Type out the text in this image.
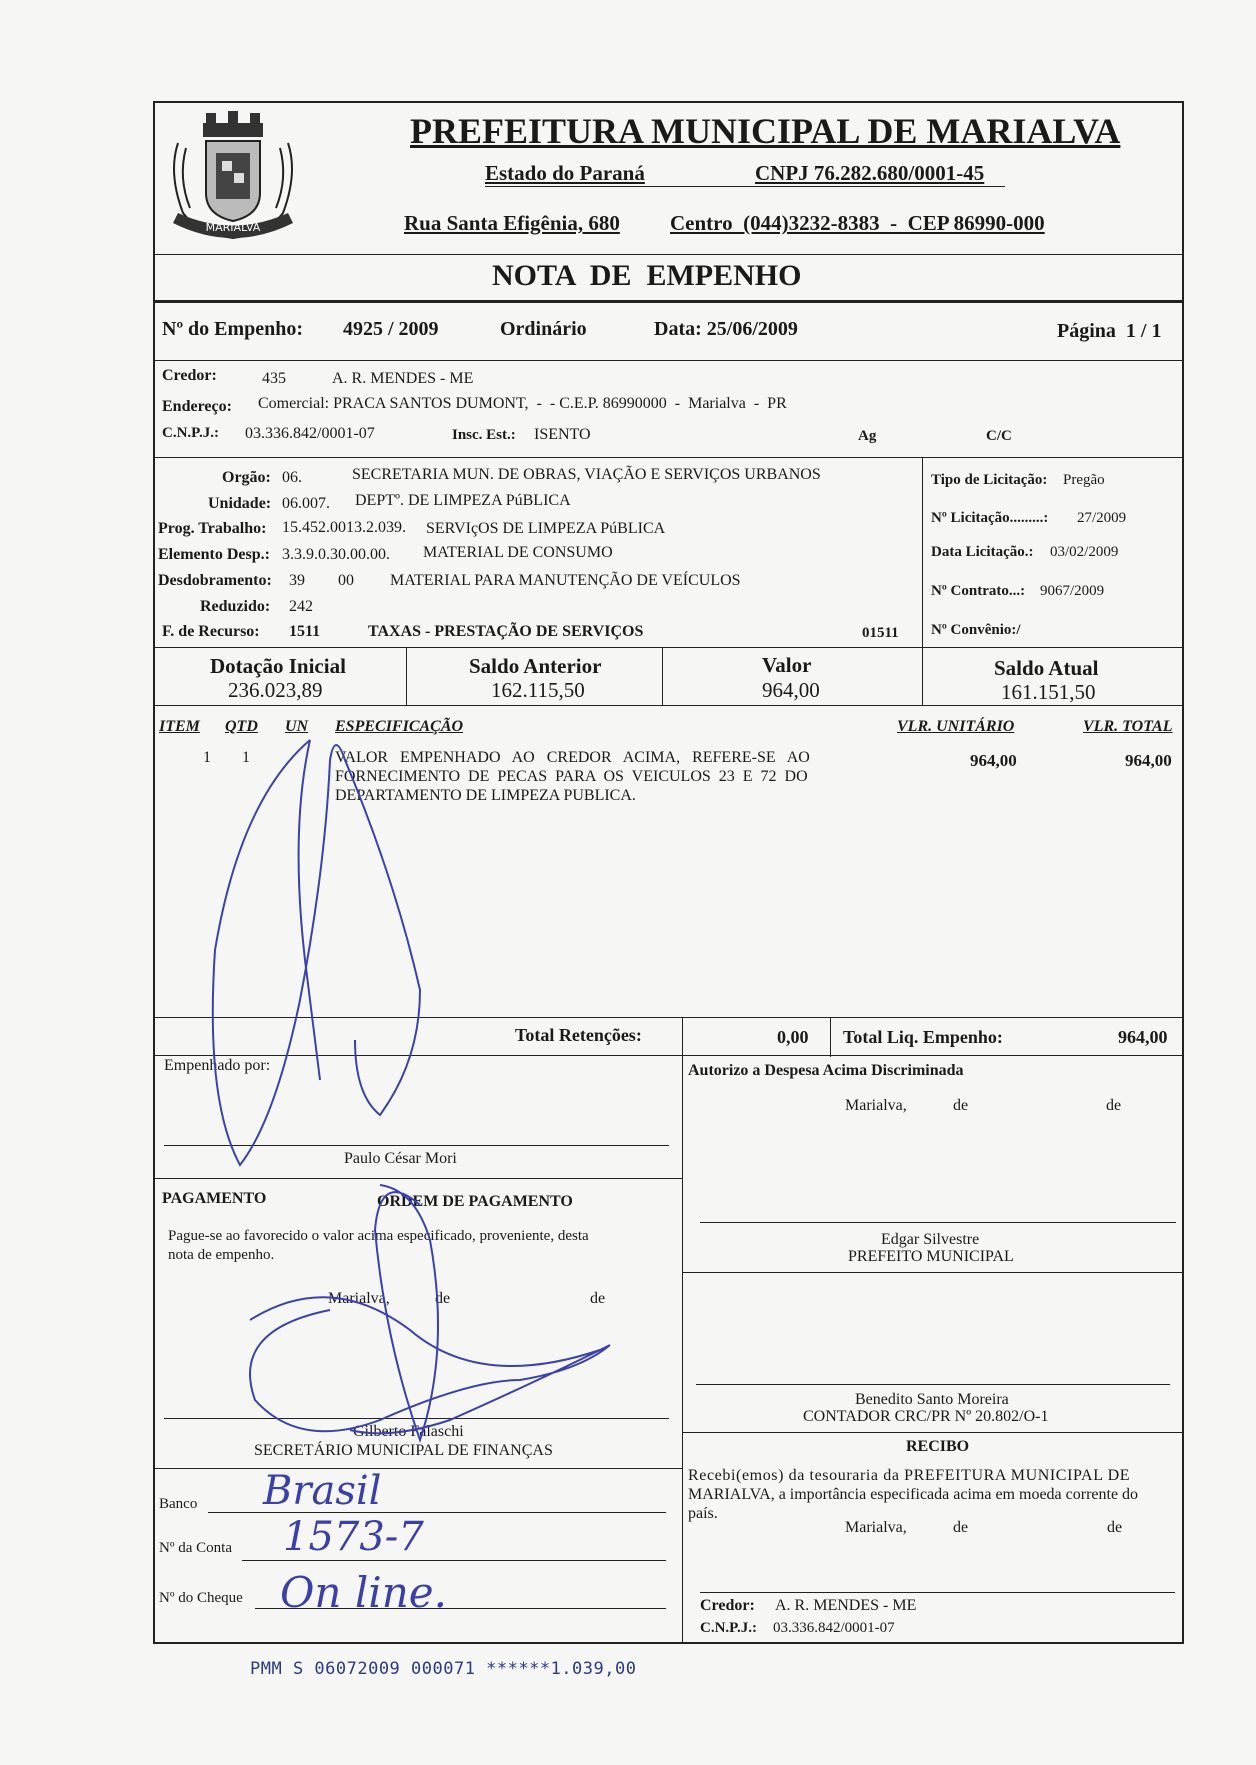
MARIALVA
PREFEITURA MUNICIPAL DE MARIALVA
Estado do Paraná	CNPJ 76.282.680/0001-45
Rua Santa Efigênia, 680 Centro  (044)3232-8383  -  CEP 86990-000
NOTA  DE  EMPENHO
Nº do Empenho: 4925 / 2009	Ordinário	Data: 25/06/2009	Página  1 / 1
Credor:	435	A. R. MENDES - ME
Endereço: Comercial: PRACA SANTOS DUMONT,  -  - C.E.P. 86990000  -  Marialva  -  PR
C.N.P.J.: 03.336.842/0001-07	Insc. Est.: ISENTO	Ag	C/C
Orgão: 06.	SECRETARIA MUN. DE OBRAS, VIAÇÃO E SERVIÇOS URBANOS
Unidade: 06.007. DEPTº. DE LIMPEZA PúBLICA
Prog. Trabalho: 15.452.0013.2.039. SERVIçOS DE LIMPEZA PúBLICA
Elemento Desp.: 3.3.9.0.30.00.00. MATERIAL DE CONSUMO
Desdobramento: 39 00 MATERIAL PARA MANUTENÇÃO DE VEÍCULOS
Reduzido: 242
F. de Recurso: 1511	TAXAS - PRESTAÇÃO DE SERVIÇOS	01511
Tipo de Licitação: Pregão
Nº Licitação.........: 27/2009
Data Licitação.: 03/02/2009
Nº Contrato...: 9067/2009
Nº Convênio:/
Dotação Inicial
236.023,89
Saldo Anterior
162.115,50
Valor
964,00
Saldo Atual
161.151,50
ITEM QTD UN ESPECIFICAÇÃO	VLR. UNITÁRIO	VLR. TOTAL
1 1	VALOR   EMPENHADO   AO   CREDOR   ACIMA,   REFERE-SE   AO
FORNECIMENTO  DE  PECAS  PARA  OS  VEICULOS  23  E  72  DO
DEPARTAMENTO DE LIMPEZA PUBLICA.
964,00	964,00
Total Retenções:	0,00 Total Liq. Empenho:	964,00
Empenhado por:
Paulo César Mori
Autorizo a Despesa Acima Discriminada
Marialva,	de	de
Edgar Silvestre
PREFEITO MUNICIPAL
PAGAMENTO	ORDEM DE PAGAMENTO
Pague-se ao favorecido o valor acima especificado, proveniente, desta
nota de empenho.
Marialva,	de	de
Gilberto Falaschi
SECRETÁRIO MUNICIPAL DE FINANÇAS
Benedito Santo Moreira
CONTADOR CRC/PR Nº 20.802/O-1
RECIBO
Recebi(emos) da tesouraria da PREFEITURA MUNICIPAL DE
MARIALVA, a importância especificada acima em moeda corrente do
país.
Marialva,	de	de
Credor: A. R. MENDES - ME
C.N.P.J.: 03.336.842/0001-07
Banco Brasil
Nº da Conta 1573-7
Nº do Cheque On line.
PMM S 06072009 000071 ******1.039,00
